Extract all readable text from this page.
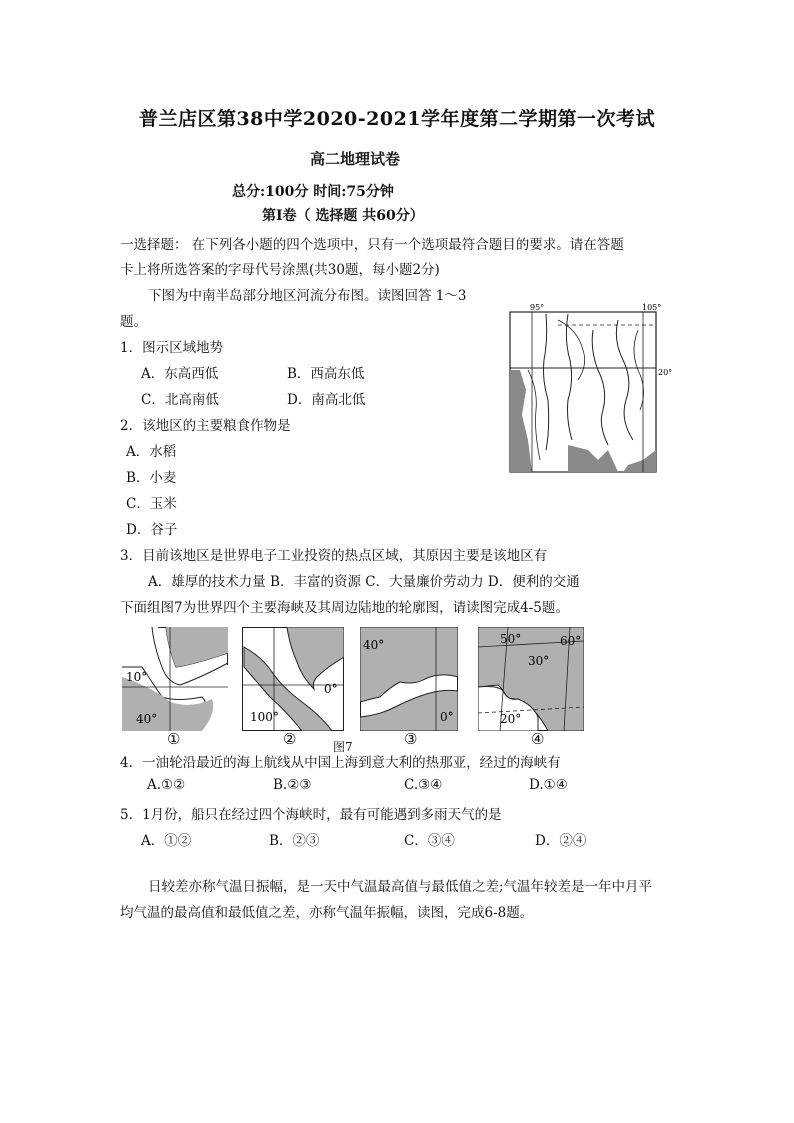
普兰店区第38中学2020-2021学年度第二学期第一次考试
高二地理试卷
总分:100分 时间:75分钟
第Ⅰ卷（ 选择题 共60分）
一选择题： 在下列各小题的四个选项中，只有一个选项最符合题目的要求。请在答题
卡上将所选答案的字母代号涂黑(共30题，每小题2分)
下图为中南半岛部分地区河流分布图。读图回答 1～3
题。
95°	105°
20°
1．图示区域地势
A．东高西低	B．西高东低
C．北高南低	D．南高北低
2．该地区的主要粮食作物是
A．水稻
B．小麦
C．玉米
D．谷子
3．目前该地区是世界电子工业投资的热点区域，其原因主要是该地区有
A．雄厚的技术力量 B．丰富的资源 C．大量廉价劳动力 D．便利的交通
下面组图7为世界四个主要海峡及其周边陆地的轮廓图，请读图完成4-5题。
10°
40°
0°
100°
40°
0°
50°	60°
30°
20°
①	②	图7	③	④
4．一油轮沿最近的海上航线从中国上海到意大利的热那亚，经过的海峡有
A.①②	B.②③	C.③④	D.①④
5．1月份，船只在经过四个海峡时，最有可能遇到多雨天气的是
A．①②	B．②③	C．③④	D．②④
日较差亦称气温日振幅，是一天中气温最高值与最低值之差;气温年较差是一年中月平
均气温的最高值和最低值之差，亦称气温年振幅，读图，完成6-8题。
